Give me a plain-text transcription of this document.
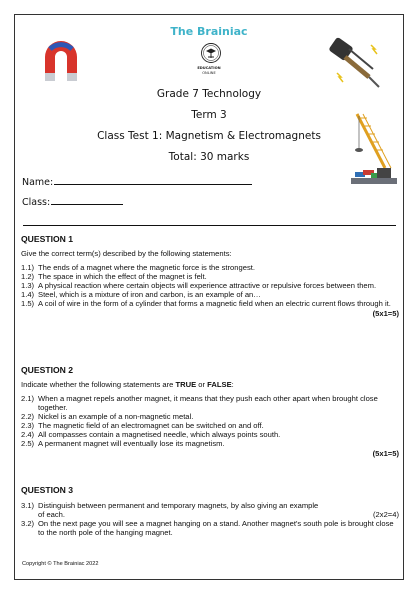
The Brainiac
EDUCATION
ONLINE
Grade 7 Technology
Term 3
Class Test 1: Magnetism & Electromagnets
Total: 30 marks
Name:
Class:
QUESTION 1
Give the correct term(s) described by the following statements:
1.1) The ends of a magnet where the magnetic force is the strongest.
1.2) The space in which the effect of the magnet is felt.
1.3) A physical reaction where certain objects will experience attractive or repulsive forces between them.
1.4) Steel, which is a mixture of iron and carbon, is an example of an…
1.5) A coil of wire in the form of a cylinder that forms a magnetic field when an electric current flows through it.
(5x1=5)
QUESTION 2
Indicate whether the following statements are TRUE or FALSE:
2.1) When a magnet repels another magnet, it means that they push each other apart when brought close together.
2.2) Nickel is an example of a non-magnetic metal.
2.3) The magnetic field of an electromagnet can be switched on and off.
2.4) All compasses contain a magnetised needle, which always points south.
2.5) A permanent magnet will eventually lose its magnetism.
(5x1=5)
QUESTION 3
3.1) Distinguish between permanent and temporary magnets, by also giving an example
of each.	(2x2=4)
3.2) On the next page you will see a magnet hanging on a stand. Another magnet's south pole is brought close to the north pole of the hanging magnet.
Copyright © The Brainiac 2022
